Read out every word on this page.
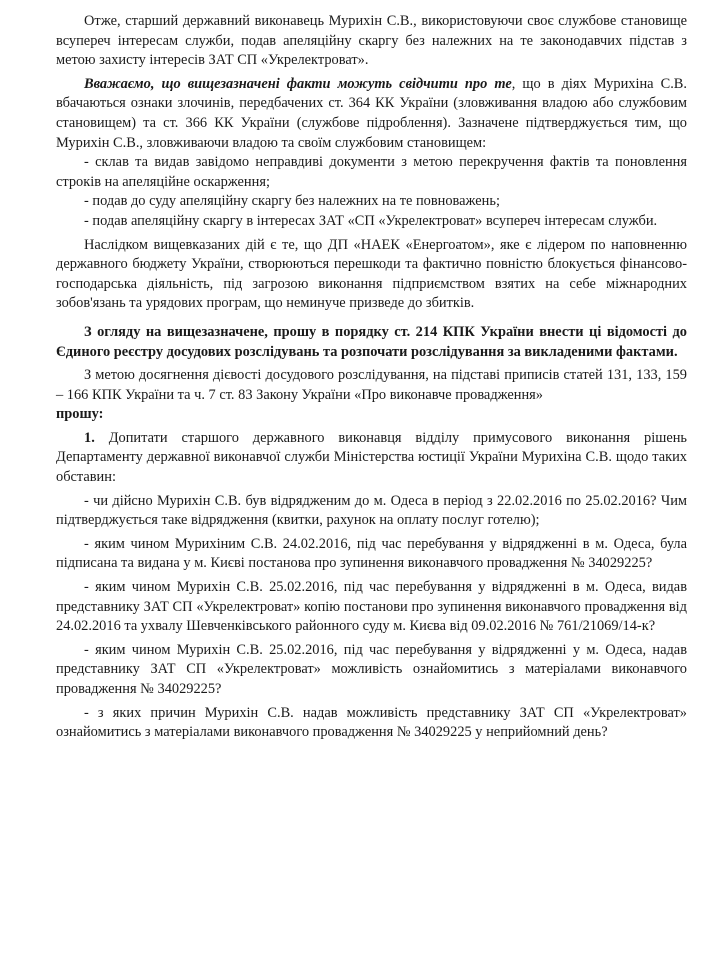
Отже, старший державний виконавець Мурихін С.В., використовуючи своє службове становище всупереч інтересам служби, подав апеляційну скаргу без належних на те законодавчих підстав з метою захисту інтересів ЗАТ СП «Укрелектроват».

Вважаємо, що вищезазначені факти можуть свідчити про те, що в діях Мурихіна С.В. вбачаються ознаки злочинів, передбачених ст. 364 КК України (зловживання владою або службовим становищем) та ст. 366 КК України (службове підроблення). Зазначене підтверджується тим, що Мурихін С.В., зловживаючи владою та своїм службовим становищем:

- склав та видав завідомо неправдиві документи з метою перекручення фактів та поновлення строків на апеляційне оскарження;

- подав до суду апеляційну скаргу без належних на те повноважень;

- подав апеляційну скаргу в інтересах ЗАТ «СП «Укрелектроват» всупереч інтересам служби.

Наслідком вищевказаних дій є те, що ДП «НАЕК «Енергоатом», яке є лідером по наповненню державного бюджету України, створюються перешкоди та фактично повністю блокується фінансово-господарська діяльність, під загрозою виконання підприємством взятих на себе міжнародних зобов'язань та урядових програм, що неминуче призведе до збитків.

З огляду на вищезазначене, прошу в порядку ст. 214 КПК України внести ці відомості до Єдиного реєстру досудових розслідувань та розпочати розслідування за викладеними фактами.

З метою досягнення дієвості досудового розслідування, на підставі приписів статей 131, 133, 159 – 166 КПК України та ч. 7 ст. 83 Закону України «Про виконавче провадження»

прошу:

1. Допитати старшого державного виконавця відділу примусового виконання рішень Департаменту державної виконавчої служби Міністерства юстиції України Мурихіна С.В. щодо таких обставин:

- чи дійсно Мурихін С.В. був відрядженим до м. Одеса в період з 22.02.2016 по 25.02.2016? Чим підтверджується таке відрядження (квитки, рахунок на оплату послуг готелю);

- яким чином Мурихіним С.В. 24.02.2016, під час перебування у відрядженні в м. Одеса, була підписана та видана у м. Києві постанова про зупинення виконавчого провадження № 34029225?

- яким чином Мурихін С.В. 25.02.2016, під час перебування у відрядженні в м. Одеса, видав представнику ЗАТ СП «Укрелектроват» копію постанови про зупинення виконавчого провадження від 24.02.2016 та ухвалу Шевченківського районного суду м. Києва від 09.02.2016 № 761/21069/14-к?

- яким чином Мурихін С.В. 25.02.2016, під час перебування у відрядженні у м. Одеса, надав представнику ЗАТ СП «Укрелектроват» можливість ознайомитись з матеріалами виконавчого провадження № 34029225?

- з яких причин Мурихін С.В. надав можливість представнику ЗАТ СП «Укрелектроват» ознайомитись з матеріалами виконавчого провадження № 34029225 у неприйомний день?
